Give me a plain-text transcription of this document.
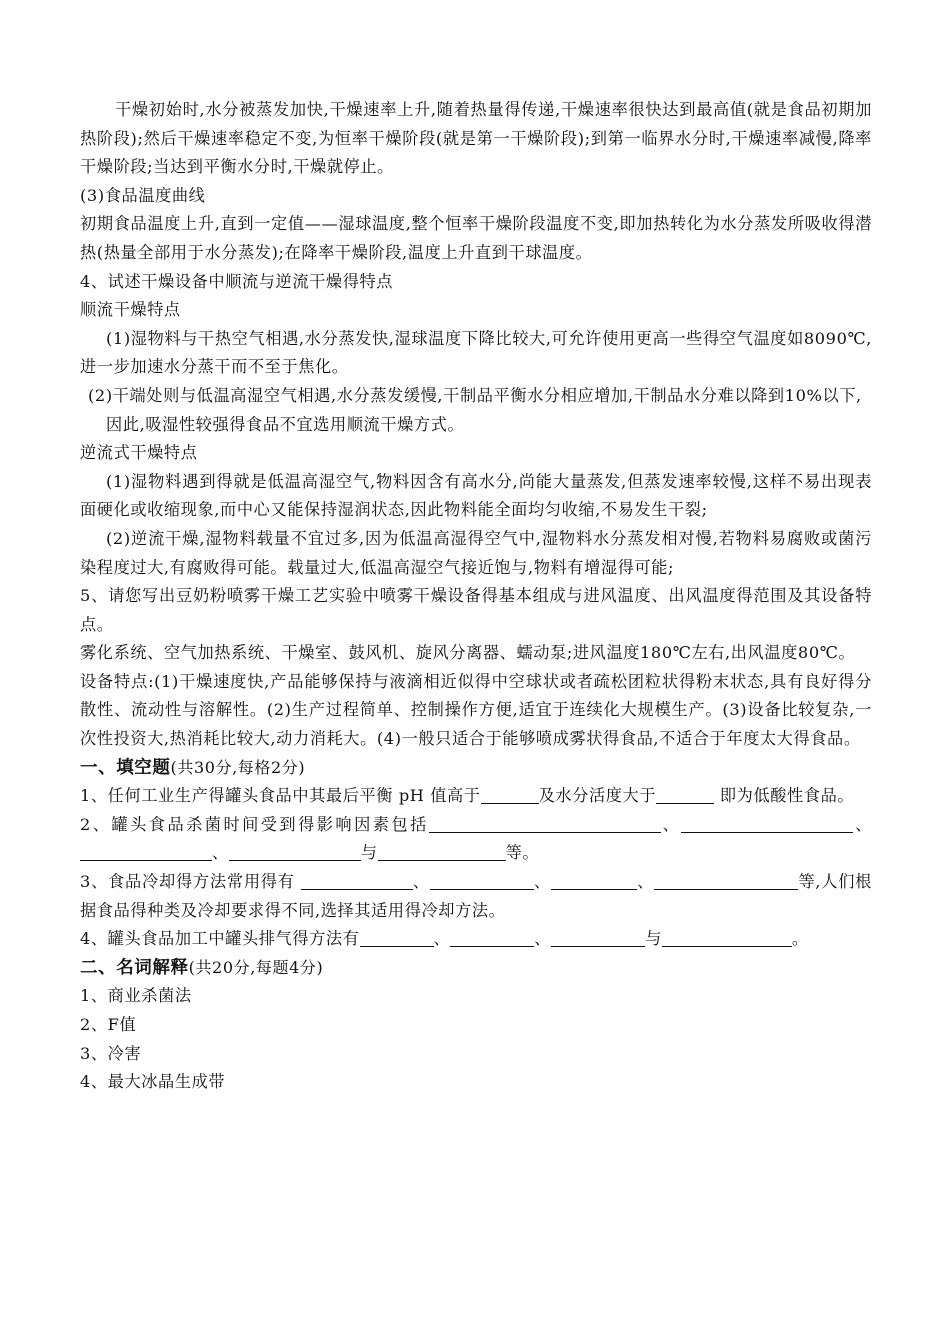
干燥初始时,水分被蒸发加快,干燥速率上升,随着热量得传递,干燥速率很快达到最高值(就是食品初期加热阶段);然后干燥速率稳定不变,为恒率干燥阶段(就是第一干燥阶段);到第一临界水分时,干燥速率减慢,降率干燥阶段;当达到平衡水分时,干燥就停止。

(3)食品温度曲线

初期食品温度上升,直到一定值——湿球温度,整个恒率干燥阶段温度不变,即加热转化为水分蒸发所吸收得潜热(热量全部用于水分蒸发);在降率干燥阶段,温度上升直到干球温度。

4、试述干燥设备中顺流与逆流干燥得特点

顺流干燥特点

(1)湿物料与干热空气相遇,水分蒸发快,湿球温度下降比较大,可允许使用更高一些得空气温度如8090℃,进一步加速水分蒸干而不至于焦化。

(2)干端处则与低温高湿空气相遇,水分蒸发缓慢,干制品平衡水分相应增加,干制品水分难以降到10%以下,

因此,吸湿性较强得食品不宜选用顺流干燥方式。

逆流式干燥特点

(1)湿物料遇到得就是低温高湿空气,物料因含有高水分,尚能大量蒸发,但蒸发速率较慢,这样不易出现表面硬化或收缩现象,而中心又能保持湿润状态,因此物料能全面均匀收缩,不易发生干裂;

(2)逆流干燥,湿物料载量不宜过多,因为低温高湿得空气中,湿物料水分蒸发相对慢,若物料易腐败或菌污染程度过大,有腐败得可能。载量过大,低温高湿空气接近饱与,物料有增湿得可能;

5、请您写出豆奶粉喷雾干燥工艺实验中喷雾干燥设备得基本组成与进风温度、出风温度得范围及其设备特点。

雾化系统、空气加热系统、干燥室、鼓风机、旋风分离器、蠕动泵;进风温度180℃左右,出风温度80℃。

设备特点:(1)干燥速度快,产品能够保持与液滴相近似得中空球状或者疏松团粒状得粉末状态,具有良好得分散性、流动性与溶解性。(2)生产过程简单、控制操作方便,适宜于连续化大规模生产。(3)设备比较复杂,一次性投资大,热消耗比较大,动力消耗大。(4)一般只适合于能够喷成雾状得食品,不适合于年度太大得食品。

一、填空题(共30分,每格2分)

1、任何工业生产得罐头食品中其最后平衡 pH 值高于	及水分活度大于	即为低酸性食品。

2、罐头食品杀菌时间受到得影响因素包括	、	、、	与	等。

3、食品冷却得方法常用得有	、	、	、	等,人们根据食品得种类及冷却要求得不同,选择其适用得冷却方法。

4、罐头食品加工中罐头排气得方法有	、	、	与	。

二、名词解释(共20分,每题4分)

1、商业杀菌法

2、F值

3、冷害

4、最大冰晶生成带
